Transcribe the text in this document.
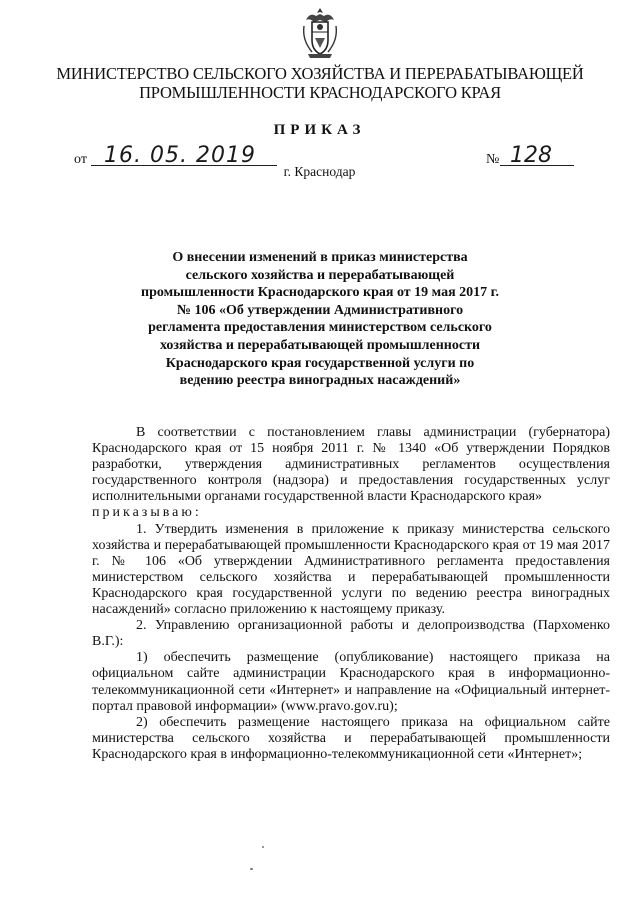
МИНИСТЕРСТВО СЕЛЬСКОГО ХОЗЯЙСТВА И ПЕРЕРАБАТЫВАЮЩЕЙ ПРОМЫШЛЕННОСТИ КРАСНОДАРСКОГО КРАЯ
ПРИКАЗ
от 16. 05. 2019	№ 128
г. Краснодар
О внесении изменений в приказ министерства сельского хозяйства и перерабатывающей промышленности Краснодарского края от 19 мая 2017 г. № 106 «Об утверждении Административного регламента предоставления министерством сельского хозяйства и перерабатывающей промышленности Краснодарского края государственной услуги по ведению реестра виноградных насаждений»

В соответствии с постановлением главы администрации (губернатора) Краснодарского края от 15 ноября 2011 г. № 1340 «Об утверждении Порядков разработки, утверждения административных регламентов осуществления государственного контроля (надзора) и предоставления государственных услуг исполнительными органами государственной власти Краснодарского края»

приказываю:

1. Утвердить изменения в приложение к приказу министерства сельского хозяйства и перерабатывающей промышленности Краснодарского края от 19 мая 2017 г. № 106 «Об утверждении Административного регламента предоставления министерством сельского хозяйства и перерабатывающей промышленности Краснодарского края государственной услуги по ведению реестра виноградных насаждений» согласно приложению к настоящему приказу.

2. Управлению организационной работы и делопроизводства (Пархоменко В.Г.):

1) обеспечить размещение (опубликование) настоящего приказа на официальном сайте администрации Краснодарского края в информационно-телекоммуникационной сети «Интернет» и направление на «Официальный интернет-портал правовой информации» (www.pravo.gov.ru);

2) обеспечить размещение настоящего приказа на официальном сайте министерства сельского хозяйства и перерабатывающей промышленности Краснодарского края в информационно-телекоммуникационной сети «Интернет»;
